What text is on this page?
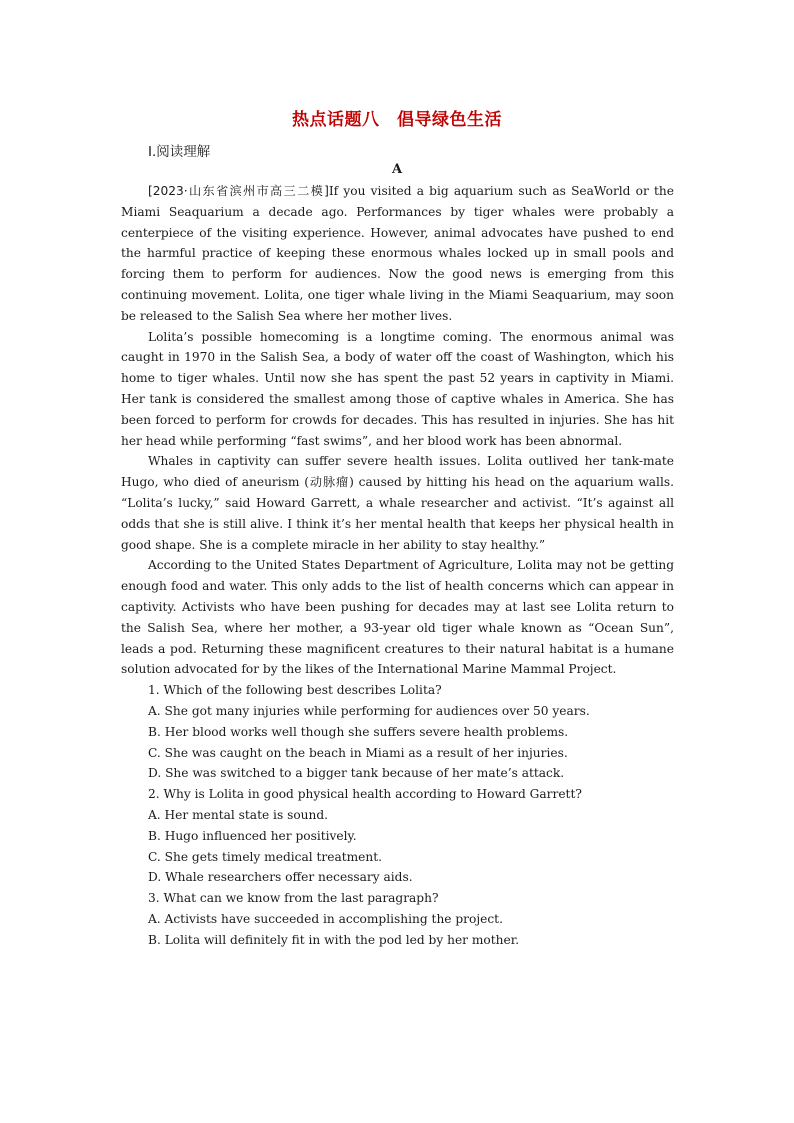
热点话题八　倡导绿色生活
Ⅰ.阅读理解
A

[2023·山东省滨州市高三二模]If you visited a big aquarium such as SeaWorld or the Miami Seaquarium a decade ago. Performances by tiger whales were probably a centerpiece of the visiting experience. However, animal advocates have pushed to end the harmful practice of keeping these enormous whales locked up in small pools and forcing them to perform for audiences. Now the good news is emerging from this continuing movement. Lolita, one tiger whale living in the Miami Seaquarium, may soon be released to the Salish Sea where her mother lives.

Lolita’s possible homecoming is a longtime coming. The enormous animal was caught in 1970 in the Salish Sea, a body of water off the coast of Washington, which his home to tiger whales. Until now she has spent the past 52 years in captivity in Miami. Her tank is considered the smallest among those of captive whales in America. She has been forced to perform for crowds for decades. This has resulted in injuries. She has hit her head while performing “fast swims”, and her blood work has been abnormal.

Whales in captivity can suffer severe health issues. Lolita outlived her tank-mate Hugo, who died of aneurism (动脉瘤) caused by hitting his head on the aquarium walls. “Lolita’s lucky,” said Howard Garrett, a whale researcher and activist. “It’s against all odds that she is still alive. I think it’s her mental health that keeps her physical health in good shape. She is a complete miracle in her ability to stay healthy.”

According to the United States Department of Agriculture, Lolita may not be getting enough food and water. This only adds to the list of health concerns which can appear in captivity. Activists who have been pushing for decades may at last see Lolita return to the Salish Sea, where her mother, a 93-year old tiger whale known as “Ocean Sun”, leads a pod. Returning these magnificent creatures to their natural habitat is a humane solution advocated for by the likes of the International Marine Mammal Project.

1. Which of the following best describes Lolita?
A. She got many injuries while performing for audiences over 50 years.
B. Her blood works well though she suffers severe health problems.
C. She was caught on the beach in Miami as a result of her injuries.
D. She was switched to a bigger tank because of her mate’s attack.
2. Why is Lolita in good physical health according to Howard Garrett?
A. Her mental state is sound.
B. Hugo influenced her positively.
C. She gets timely medical treatment.
D. Whale researchers offer necessary aids.
3. What can we know from the last paragraph?
A. Activists have succeeded in accomplishing the project.
B. Lolita will definitely fit in with the pod led by her mother.
